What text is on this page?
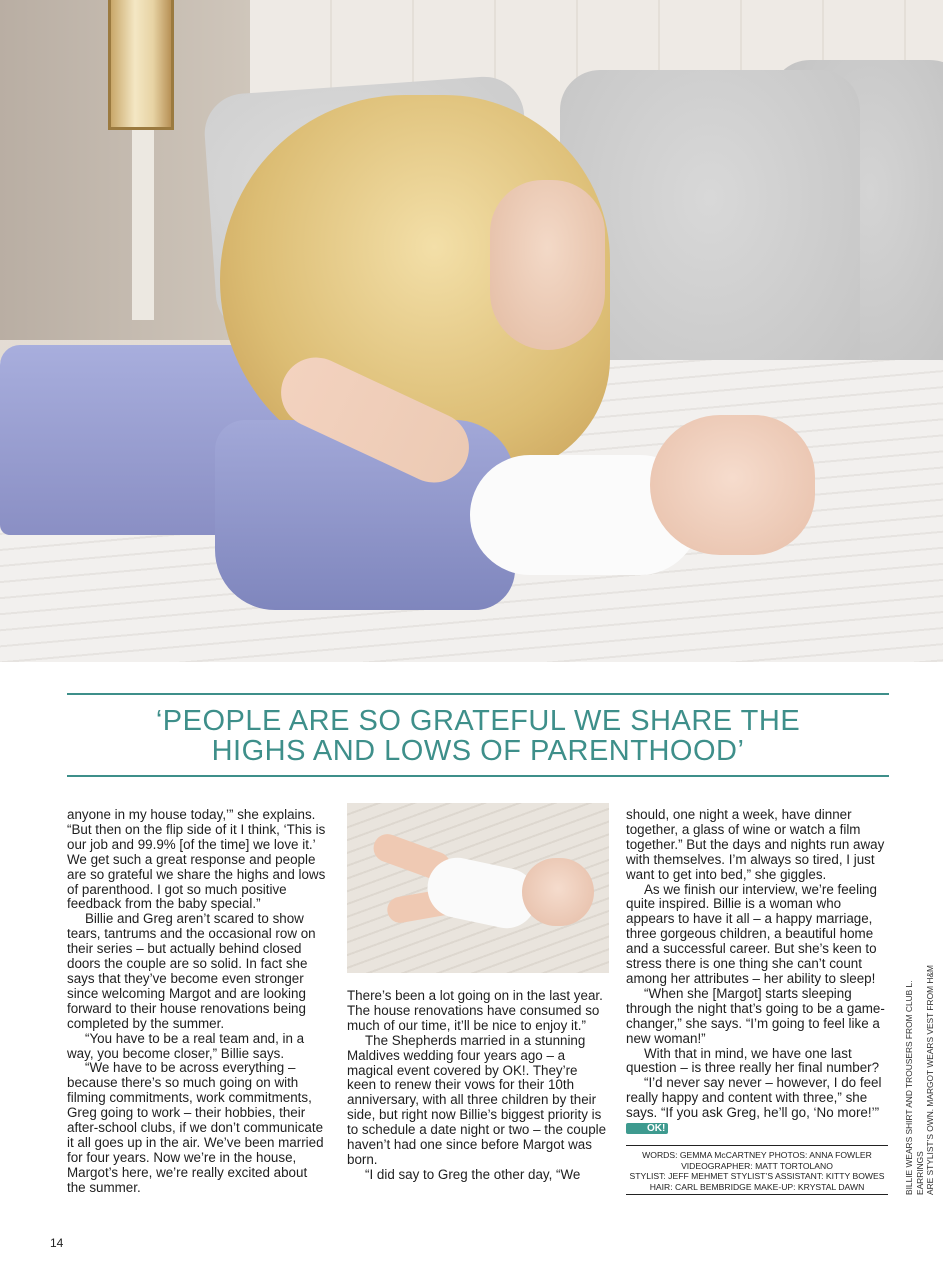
‘PEOPLE ARE SO GRATEFUL WE SHARE THE
HIGHS AND LOWS OF PARENTHOOD’

anyone in my house today,’” she explains. “But then on the flip side of it I think, ‘This is our job and 99.9% [of the time] we love it.’ We get such a great response and people are so grateful we share the highs and lows of parenthood. I got so much positive feedback from the baby special.”

Billie and Greg aren’t scared to show tears, tantrums and the occasional row on their series – but actually behind closed doors the couple are so solid. In fact she says that they’ve become even stronger since welcoming Margot and are looking forward to their house renovations being completed by the summer.

“You have to be a real team and, in a way, you become closer,” Billie says.

“We have to be across everything – because there’s so much going on with filming commitments, work commitments, Greg going to work – their hobbies, their after-school clubs, if we don’t communicate it all goes up in the air. We’ve been married for four years. Now we’re in the house, Margot’s here, we’re really excited about the summer.

There’s been a lot going on in the last year. The house renovations have consumed so much of our time, it’ll be nice to enjoy it.”

The Shepherds married in a stunning Maldives wedding four years ago – a magical event covered by OK!. They’re keen to renew their vows for their 10th anniversary, with all three children by their side, but right now Billie’s biggest priority is to schedule a date night or two – the couple haven’t had one since before Margot was born.

“I did say to Greg the other day, “We

should, one night a week, have dinner together, a glass of wine or watch a film together.” But the days and nights run away with themselves. I’m always so tired, I just want to get into bed,” she giggles.

As we finish our interview, we’re feeling quite inspired. Billie is a woman who appears to have it all – a happy marriage, three gorgeous children, a beautiful home and a successful career. But she’s keen to stress there is one thing she can’t count among her attributes – her ability to sleep!

“When she [Margot] starts sleeping through the night that’s going to be a game-changer,” she says. “I’m going to feel like a new woman!”

With that in mind, we have one last question – is three really her final number?

“I’d never say never – however, I do feel really happy and content with three,” she says. “If you ask Greg, he’ll go, ‘No more!’” OK!

WORDS: GEMMA McCARTNEY PHOTOS: ANNA FOWLER
VIDEOGRAPHER: MATT TORTOLANO
STYLIST: JEFF MEHMET STYLIST’S ASSISTANT: KITTY BOWES
HAIR: CARL BEMBRIDGE MAKE-UP: KRYSTAL DAWN	BILLIE WEARS SHIRT AND TROUSERS FROM CLUB L. EARRINGS ARE STYLIST’S OWN. MARGOT WEARS VEST FROM H&M
14
